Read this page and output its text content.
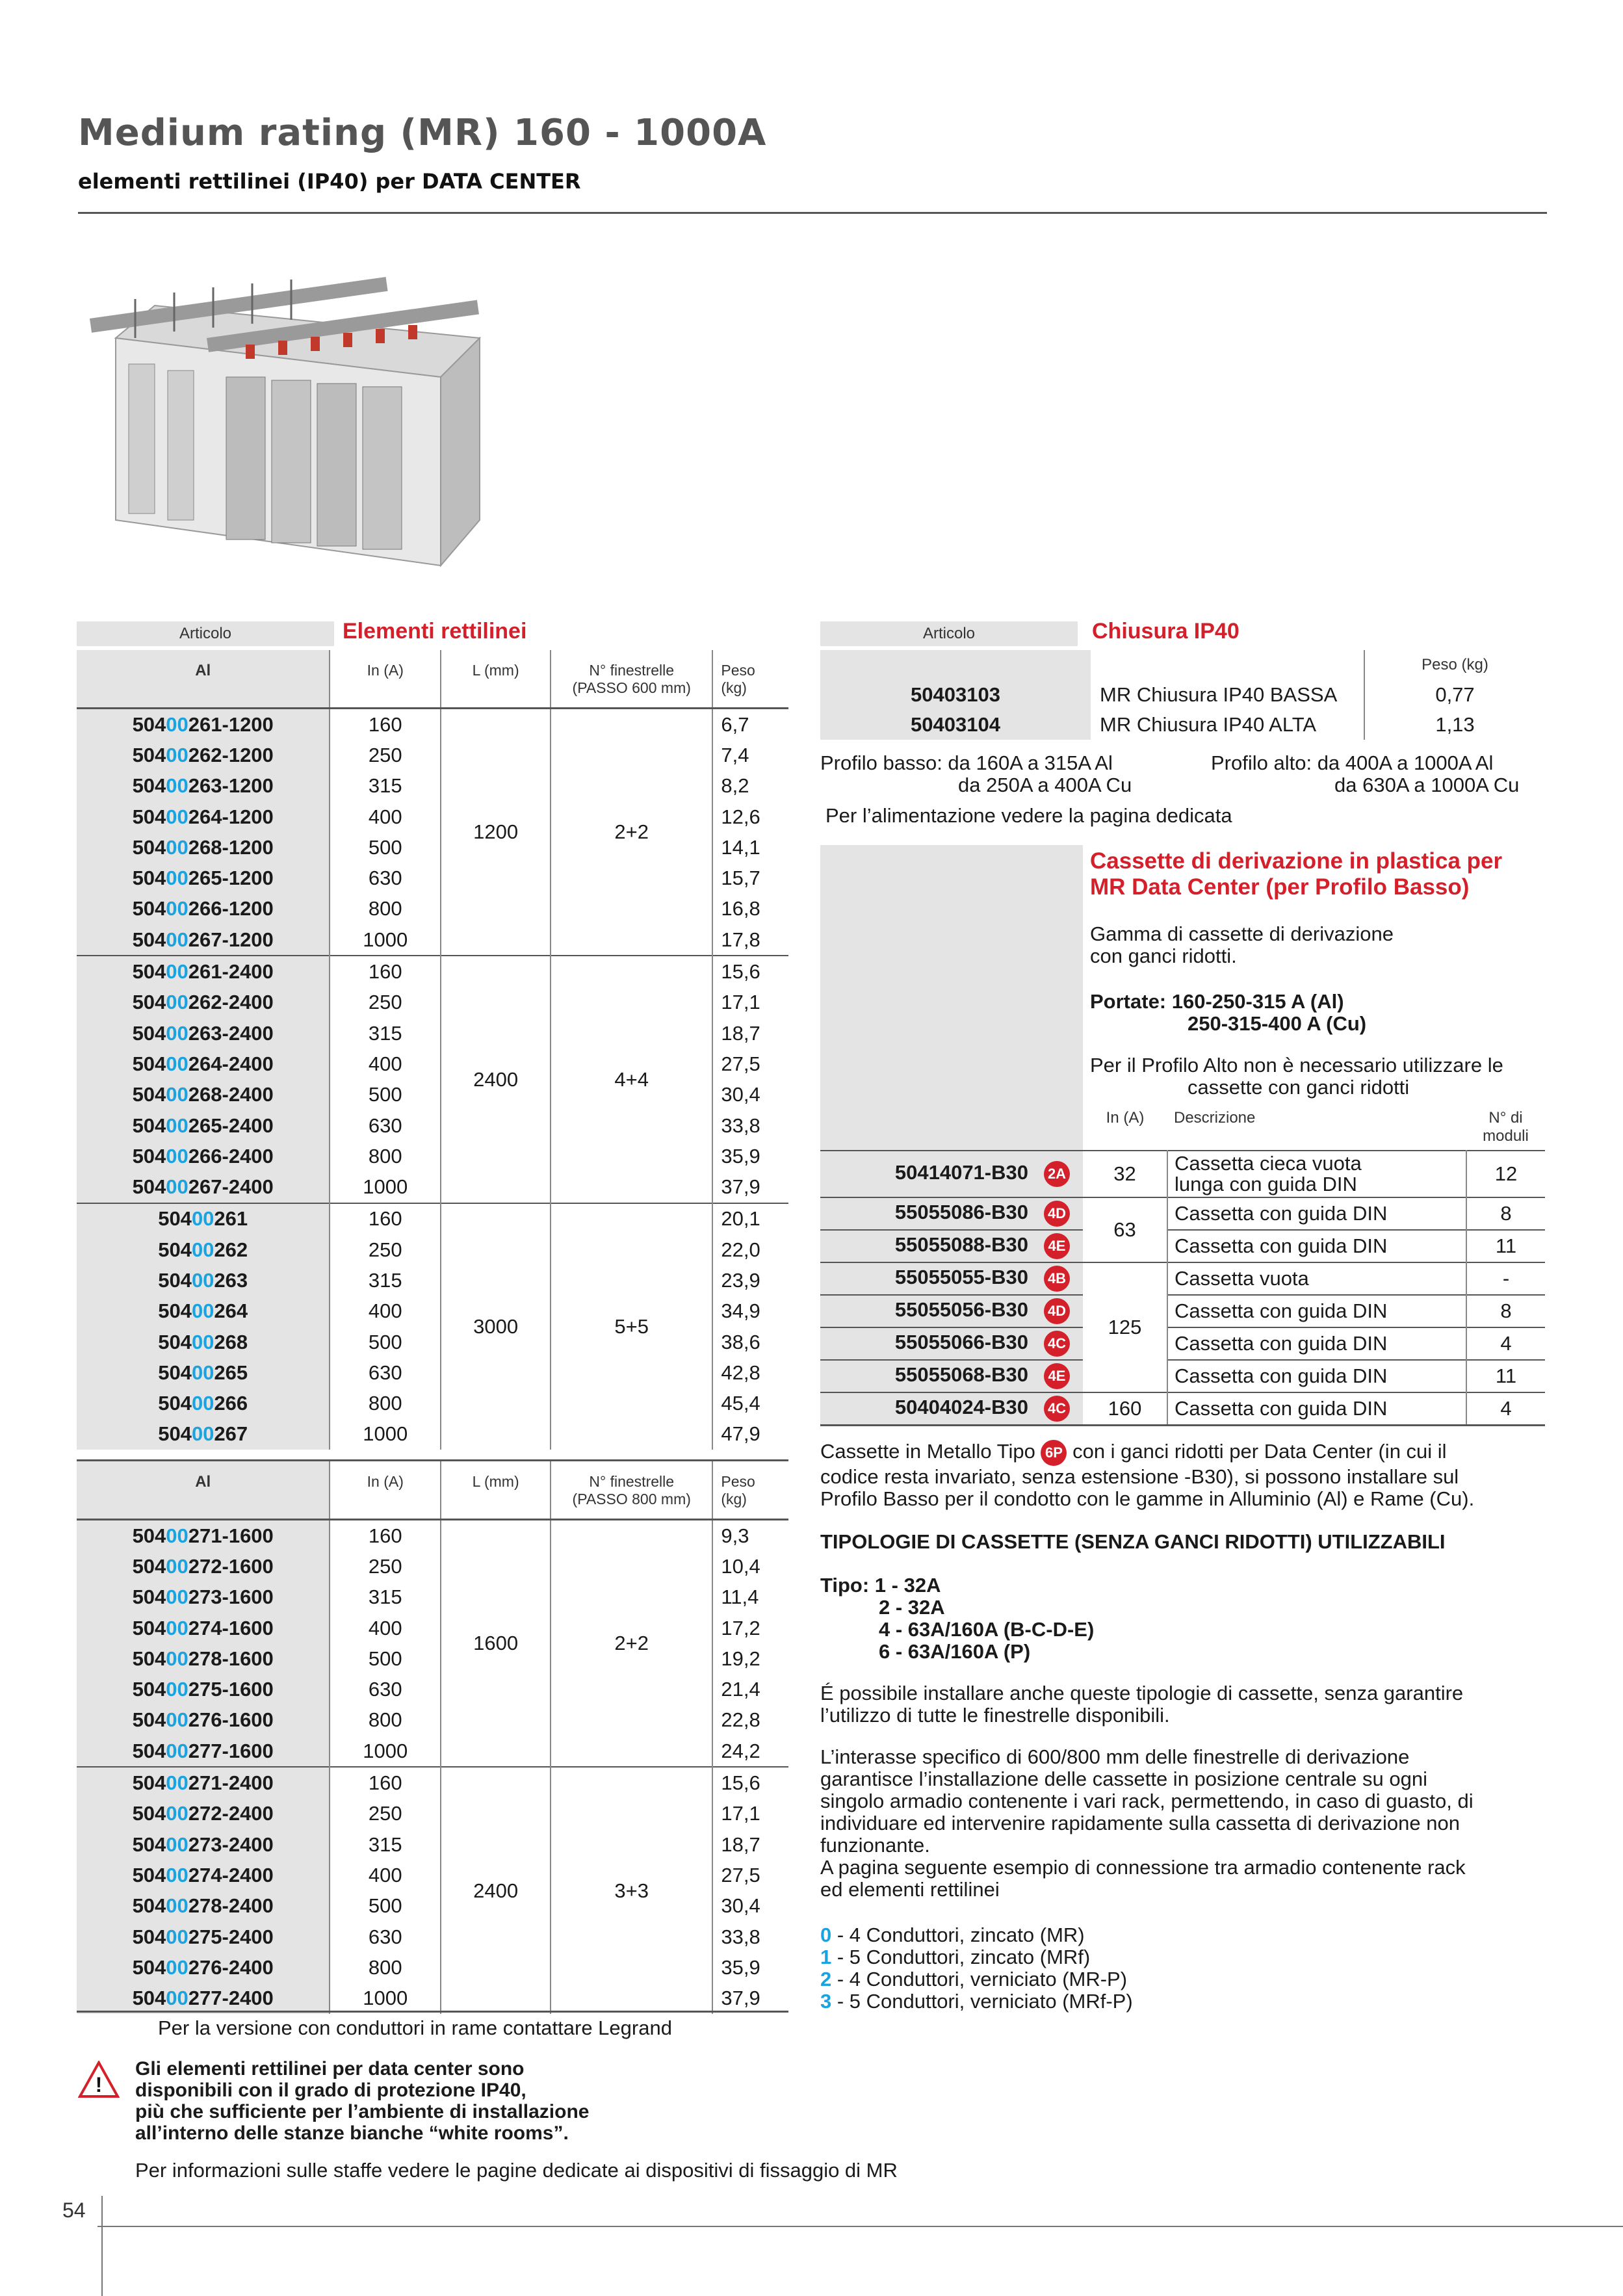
Medium rating (MR) 160 - 1000A
elementi rettilinei (IP40) per DATA CENTER
Articolo	Elementi rettilinei
Al	In (A)	L (mm)	N° finestrelle
(PASSO 600 mm)	Peso
(kg)
50400261-1200	160	1200	2+2	6,7
50400262-1200	250			7,4
50400263-1200	315			8,2
50400264-1200	400			12,6
50400268-1200	500			14,1
50400265-1200	630			15,7
50400266-1200	800			16,8
50400267-1200	1000			17,8
50400261-2400	160	2400	4+4	15,6
50400262-2400	250			17,1
50400263-2400	315			18,7
50400264-2400	400			27,5
50400268-2400	500			30,4
50400265-2400	630			33,8
50400266-2400	800			35,9
50400267-2400	1000			37,9
50400261	160	3000	5+5	20,1
50400262	250			22,0
50400263	315			23,9
50400264	400			34,9
50400268	500			38,6
50400265	630			42,8
50400266	800			45,4
50400267	1000			47,9
Al	In (A)	L (mm)	N° finestrelle
(PASSO 800 mm)	Peso
(kg)
50400271-1600	160	1600	2+2	9,3
50400272-1600	250			10,4
50400273-1600	315			11,4
50400274-1600	400			17,2
50400278-1600	500			19,2
50400275-1600	630			21,4
50400276-1600	800			22,8
50400277-1600	1000			24,2
50400271-2400	160	2400	3+3	15,6
50400272-2400	250			17,1
50400273-2400	315			18,7
50400274-2400	400			27,5
50400278-2400	500			30,4
50400275-2400	630			33,8
50400276-2400	800			35,9
50400277-2400	1000			37,9
Per la versione con conduttori in rame contattare Legrand
!
Gli elementi rettilinei per data center sono
disponibili con il grado di protezione IP40,
più che sufficiente per l’ambiente di installazione
all’interno delle stanze bianche “white rooms”.
Per informazioni sulle staffe vedere le pagine dedicate ai dispositivi di fissaggio di MR
Articolo	Chiusura IP40
		Peso (kg)
50403103	MR Chiusura IP40 BASSA	0,77
50403104	MR Chiusura IP40 ALTA	1,13
Profilo basso: da 160A a 315A Al
da 250A a 400A Cu
Profilo alto: da 400A a 1000A Al
da 630A a 1000A Cu
Per l’alimentazione vedere la pagina dedicata
Cassette di derivazione in plastica per
MR Data Center (per Profilo Basso)
Gamma di cassette di derivazione
con ganci ridotti.
Portate: 160-250-315 A (Al)
250-315-400 A (Cu)
Per il Profilo Alto non è necessario utilizzare le
cassette con ganci ridotti
	In (A)	Descrizione	N° di
moduli

50414071-B30 2A	32	Cassetta cieca vuota
lunga con guida DIN	12
55055086-B30 4D	63	Cassetta con guida DIN	8
55055088-B30 4E		Cassetta con guida DIN	11
55055055-B30 4B	125	Cassetta vuota	-
55055056-B30 4D		Cassetta con guida DIN	8
55055066-B30 4C		Cassetta con guida DIN	4
55055068-B30 4E		Cassetta con guida DIN	11
50404024-B30 4C	160	Cassetta con guida DIN	4

Cassette in Metallo Tipo 6P con i ganci ridotti per Data Center (in cui il
codice resta invariato, senza estensione -B30), si possono installare sul
Profilo Basso per il condotto con le gamme in Alluminio (Al) e Rame (Cu).
TIPOLOGIE DI CASSETTE (SENZA GANCI RIDOTTI) UTILIZZABILI
Tipo: 1 - 32A
2 - 32A
4 - 63A/160A (B-C-D-E)
6 - 63A/160A (P)
É possibile installare anche queste tipologie di cassette, senza garantire
l’utilizzo di tutte le finestrelle disponibili.
L’interasse specifico di 600/800 mm delle finestrelle di derivazione
garantisce l’installazione delle cassette in posizione centrale su ogni
singolo armadio contenente i vari rack, permettendo, in caso di guasto, di
individuare ed intervenire rapidamente sulla cassetta di derivazione non
funzionante.
A pagina seguente esempio di connessione tra armadio contenente rack
ed elementi rettilinei
0 - 4 Conduttori, zincato (MR)
1 - 5 Conduttori, zincato (MRf)
2 - 4 Conduttori, verniciato (MR-P)
3 - 5 Conduttori, verniciato (MRf-P)
54
